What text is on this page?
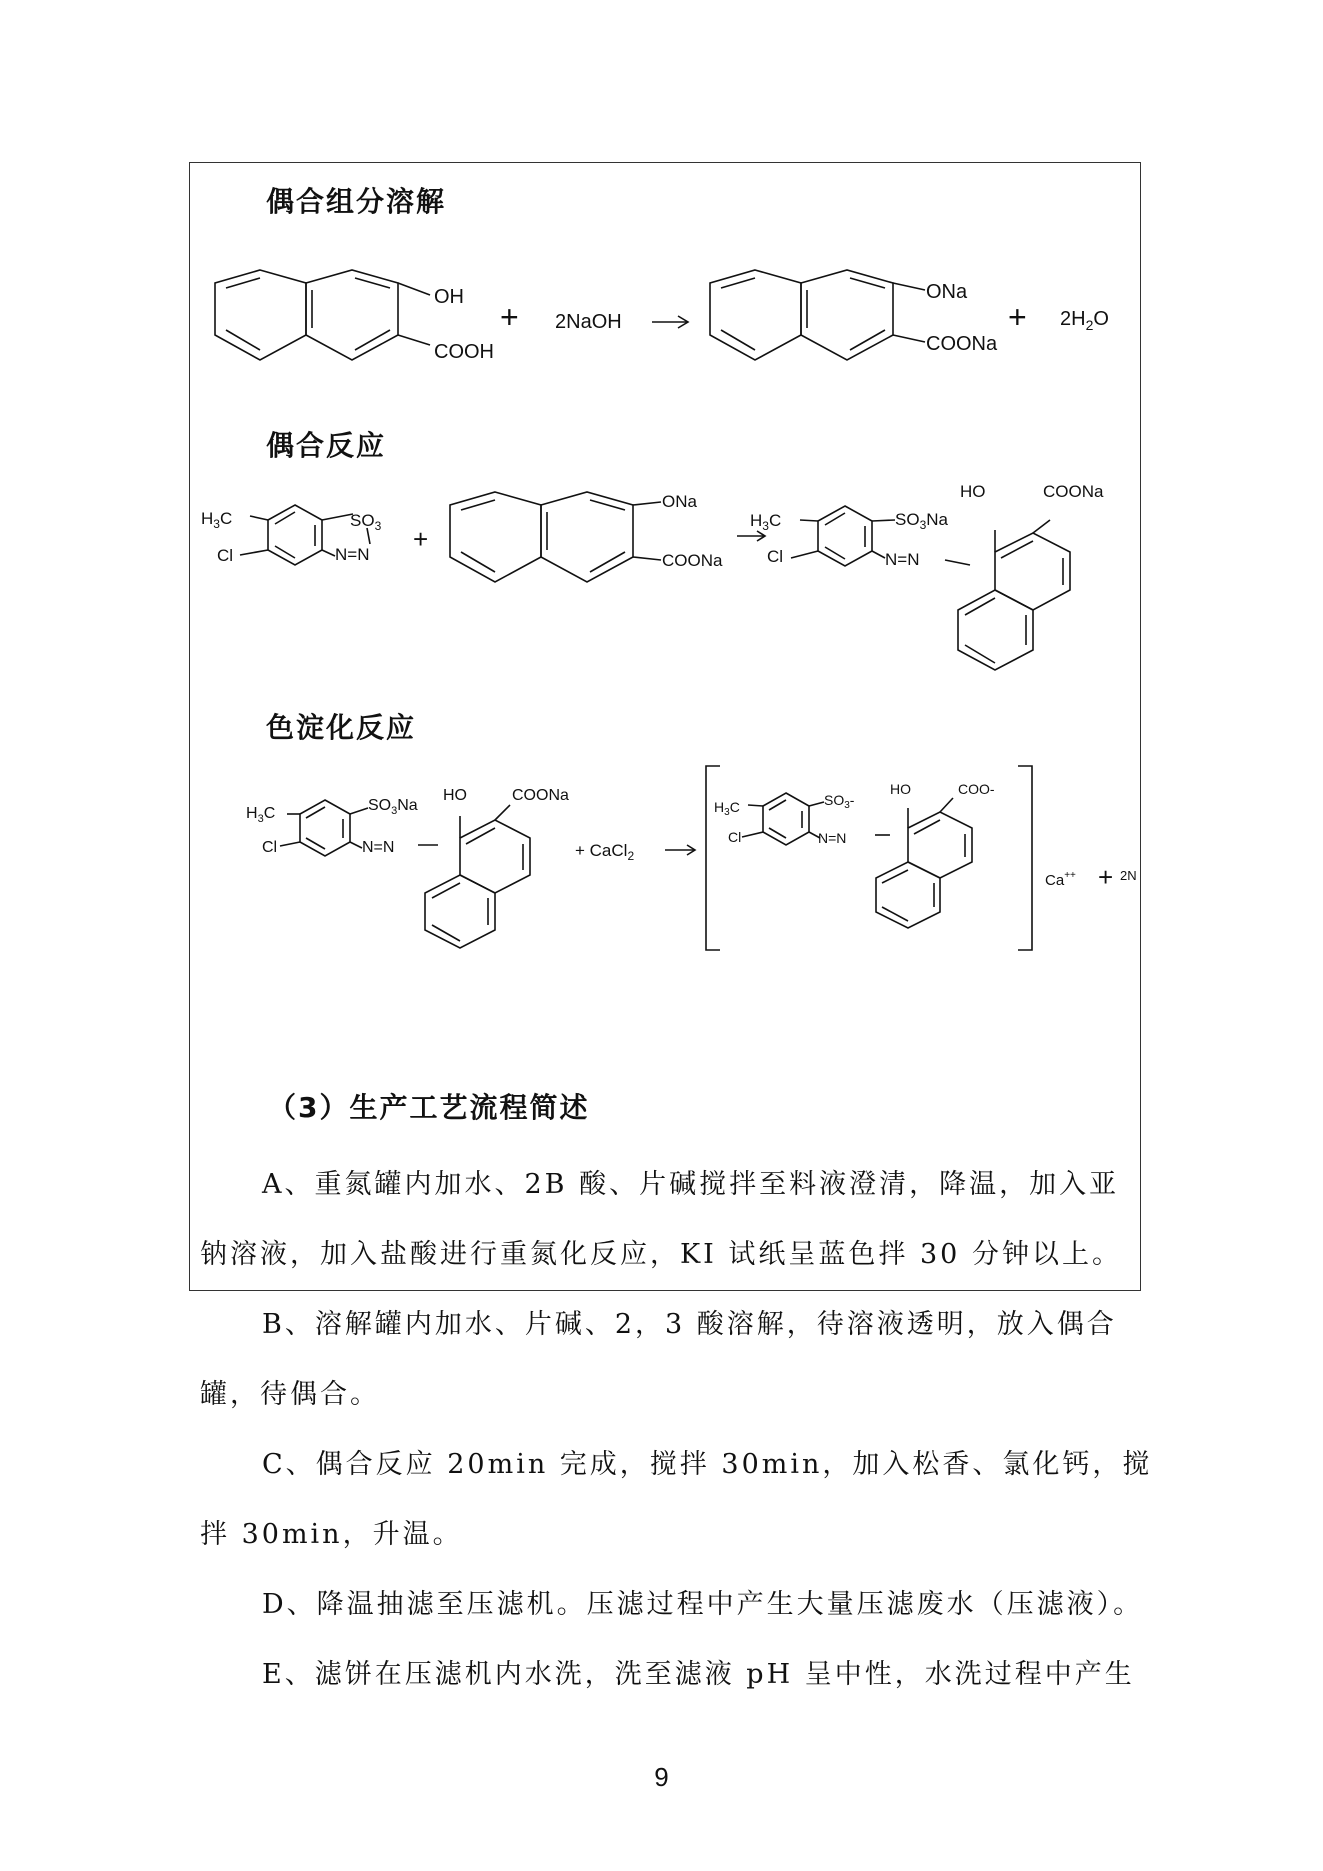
偶合组分溶解
偶合反应
色淀化反应
OH
COOH
+ 2NaOH
ONa
COONa
+ $2H_2O$
$H_3C$
Cl
$SO_3$
N=N
+
ONa
COONa
$H_3C$
Cl
$SO_3Na$
N=N
HO	COONa
$H_3C$
Cl
$SO_3Na$
N=N
HO	COONa
+ CaCl$_2$
$H_3C$
Cl
$SO_3-$
N=N
HO	COO-
Ca++ + 2N
（3）生产工艺流程简述
A、重氮罐内加水、2B 酸、片碱搅拌至料液澄清，降温，加入亚
钠溶液，加入盐酸进行重氮化反应，KI 试纸呈蓝色拌 30 分钟以上。
B、溶解罐内加水、片碱、2，3 酸溶解，待溶液透明，放入偶合
罐，待偶合。
C、偶合反应 20min 完成，搅拌 30min，加入松香、氯化钙，搅
拌 30min，升温。
D、降温抽滤至压滤机。压滤过程中产生大量压滤废水（压滤液）。
E、滤饼在压滤机内水洗，洗至滤液 pH 呈中性，水洗过程中产生
9
